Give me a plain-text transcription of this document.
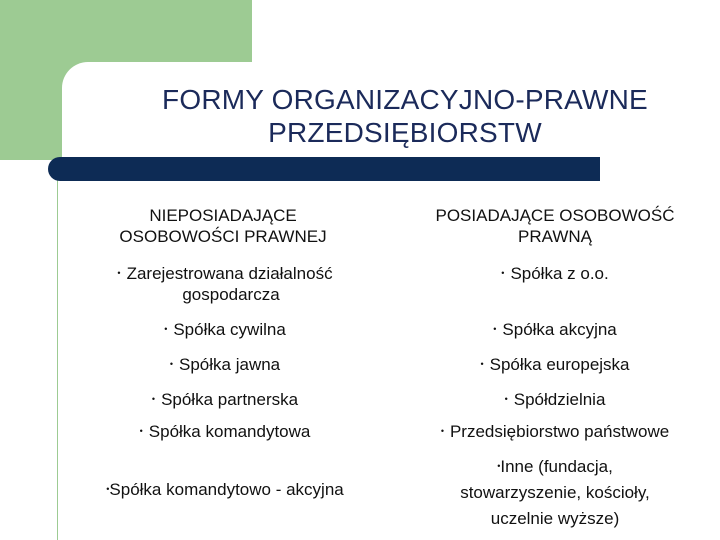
FORMY ORGANIZACYJNO-PRAWNE
PRZEDSIĘBIORSTW
NIEPOSIADAJĄCE
OSOBOWOŚCI PRAWNEJ
POSIADAJĄCE OSOBOWOŚĆ
PRAWNĄ
• Zarejestrowana działalność
gospodarcza
• Spółka cywilna
• Spółka jawna
• Spółka partnerska
• Spółka komandytowa
•Spółka komandytowo - akcyjna
• Spółka z o.o.
• Spółka akcyjna
• Spółka europejska
• Spółdzielnia
• Przedsiębiorstwo państwowe
•Inne (fundacja,
stowarzyszenie, kościoły,
uczelnie wyższe)
